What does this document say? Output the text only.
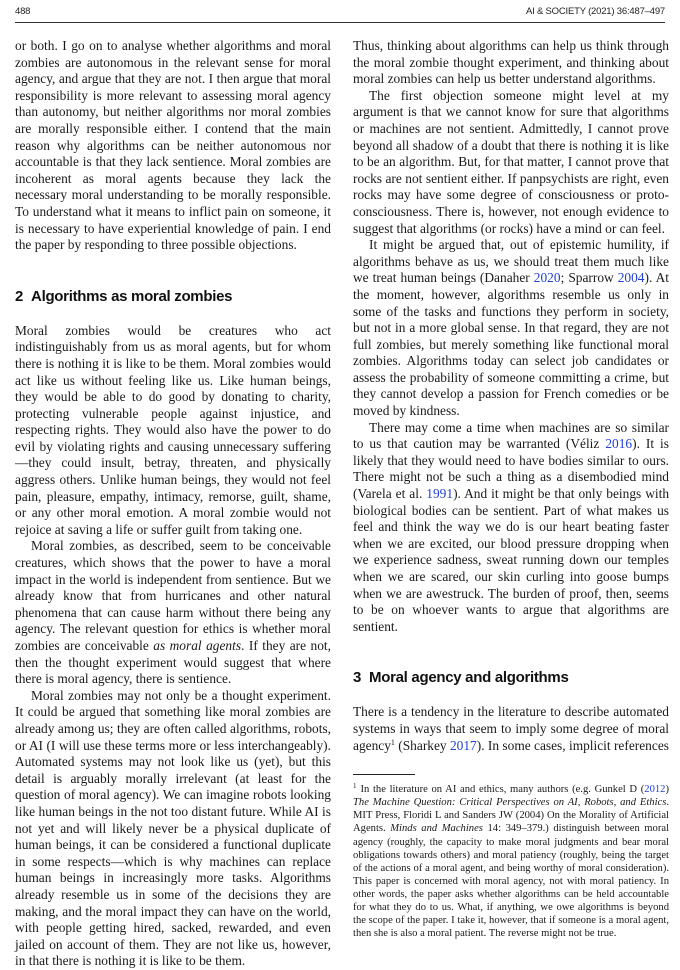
488	AI & SOCIETY (2021) 36:487–497

or both. I go on to analyse whether algorithms and moral zombies are autonomous in the relevant sense for moral agency, and argue that they are not. I then argue that moral responsibility is more relevant to assessing moral agency than autonomy, but neither algorithms nor moral zombies are morally responsible either. I contend that the main reason why algorithms can be neither autonomous nor accountable is that they lack sentience. Moral zombies are incoherent as moral agents because they lack the necessary moral understanding to be morally responsible. To understand what it means to inflict pain on someone, it is necessary to have experiential knowledge of pain. I end the paper by responding to three possible objections.

2 Algorithms as moral zombies

Moral zombies would be creatures who act indistinguishably from us as moral agents, but for whom there is nothing it is like to be them. Moral zombies would act like us without feeling like us. Like human beings, they would be able to do good by donating to charity, protecting vulnerable people against injustice, and respecting rights. They would also have the power to do evil by violating rights and causing unnecessary suffering—they could insult, betray, threaten, and physically aggress others. Unlike human beings, they would not feel pain, pleasure, empathy, intimacy, remorse, guilt, shame, or any other moral emotion. A moral zombie would not rejoice at saving a life or suffer guilt from taking one.

Moral zombies, as described, seem to be conceivable creatures, which shows that the power to have a moral impact in the world is independent from sentience. But we already know that from hurricanes and other natural phenomena that can cause harm without there being any agency. The relevant question for ethics is whether moral zombies are conceivable as moral agents. If they are not, then the thought experiment would suggest that where there is moral agency, there is sentience.

Moral zombies may not only be a thought experiment. It could be argued that something like moral zombies are already among us; they are often called algorithms, robots, or AI (I will use these terms more or less interchangeably). Automated systems may not look like us (yet), but this detail is arguably morally irrelevant (at least for the question of moral agency). We can imagine robots looking like human beings in the not too distant future. While AI is not yet and will likely never be a physical duplicate of human beings, it can be considered a functional duplicate in some respects—which is why machines can replace human beings in increasingly more tasks. Algorithms already resemble us in some of the decisions they are making, and the moral impact they can have on the world, with people getting hired, sacked, rewarded, and even jailed on account of them. They are not like us, however, in that there is nothing it is like to be them.

Thus, thinking about algorithms can help us think through the moral zombie thought experiment, and thinking about moral zombies can help us better understand algorithms.

The first objection someone might level at my argument is that we cannot know for sure that algorithms or machines are not sentient. Admittedly, I cannot prove beyond all shadow of a doubt that there is nothing it is like to be an algorithm. But, for that matter, I cannot prove that rocks are not sentient either. If panpsychists are right, even rocks may have some degree of consciousness or proto-consciousness. There is, however, not enough evidence to suggest that algorithms (or rocks) have a mind or can feel.

It might be argued that, out of epistemic humility, if algorithms behave as us, we should treat them much like we treat human beings (Danaher 2020; Sparrow 2004). At the moment, however, algorithms resemble us only in some of the tasks and functions they perform in society, but not in a more global sense. In that regard, they are not full zombies, but merely something like functional moral zombies. Algorithms today can select job candidates or assess the probability of someone committing a crime, but they cannot develop a passion for French comedies or be moved by kindness.

There may come a time when machines are so similar to us that caution may be warranted (Véliz 2016). It is likely that they would need to have bodies similar to ours. There might not be such a thing as a disembodied mind (Varela et al. 1991). And it might be that only beings with biological bodies can be sentient. Part of what makes us feel and think the way we do is our heart beating faster when we are excited, our blood pressure dropping when we experience sadness, sweat running down our temples when we are scared, our skin curling into goose bumps when we are awestruck. The burden of proof, then, seems to be on whoever wants to argue that algorithms are sentient.

3 Moral agency and algorithms

There is a tendency in the literature to describe automated systems in ways that seem to imply some degree of moral agency$^1$ (Sharkey 2017). In some cases, implicit references

$^1$ In the literature on AI and ethics, many authors (e.g. Gunkel D (2012) The Machine Question: Critical Perspectives on AI, Robots, and Ethics. MIT Press, Floridi L and Sanders JW (2004) On the Morality of Artificial Agents. Minds and Machines 14: 349–379.) distinguish between moral agency (roughly, the capacity to make moral judgments and bear moral obligations towards others) and moral patiency (roughly, being the target of the actions of a moral agent, and being worthy of moral consideration). This paper is concerned with moral agency, not with moral patiency. In other words, the paper asks whether algorithms can be held accountable for what they do to us. What, if anything, we owe algorithms is beyond the scope of the paper. I take it, however, that if someone is a moral agent, then she is also a moral patient. The reverse might not be true.
